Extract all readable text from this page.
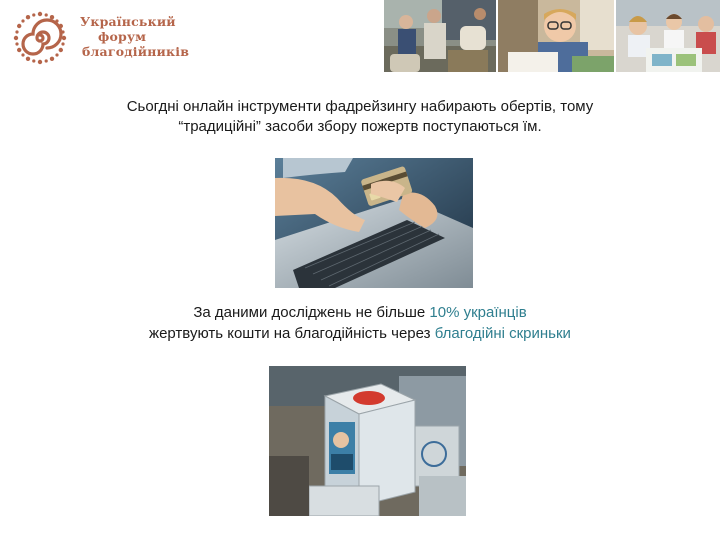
Український
форум
благодійників
Сьогдні онлайн інструменти фадрейзингу набирають обертів, тому
“традиційні” засоби збору пожертв поступаються їм.
За даними досліджень не більше 10% українців
жертвують кошти на благодійність через благодійні скриньки
